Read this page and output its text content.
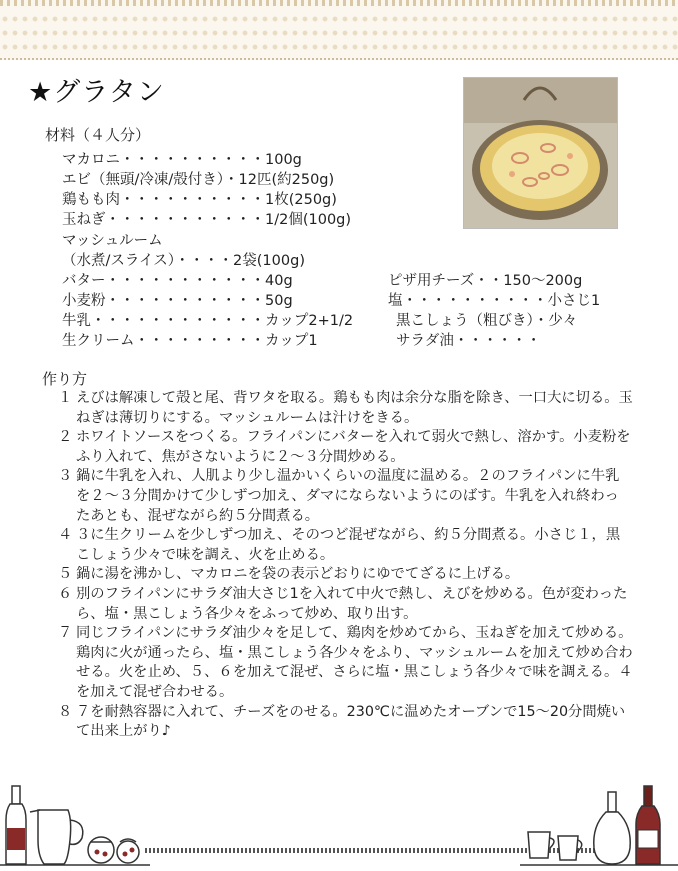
★グラタン
材料（４人分）
マカロニ・・・・・・・・・・100g
エビ（無頭/冷凍/殻付き）・12匹(約250g)
鶏もも肉・・・・・・・・・・1枚(250g)
玉ねぎ・・・・・・・・・・・1/2個(100g)
マッシュルーム
（水煮/スライス）・・・・2袋(100g)
バター・・・・・・・・・・・40g
小麦粉・・・・・・・・・・・50g
牛乳・・・・・・・・・・・・カップ2+1/2
生クリーム・・・・・・・・・カップ1
ピザ用チーズ・・150〜200g
塩・・・・・・・・・・小さじ1
黒こしょう（粗びき）・少々
サラダ油・・・・・・
作り方
１ えびは解凍して殻と尾、背ワタを取る。鶏もも肉は余分な脂を除き、一口大に切る。玉ねぎは薄切りにする。マッシュルームは汁けをきる。
２ ホワイトソースをつくる。フライパンにバターを入れて弱火で熱し、溶かす。小麦粉をふり入れて、焦がさないように２〜３分間炒める。
３ 鍋に牛乳を入れ、人肌より少し温かいくらいの温度に温める。２のフライパンに牛乳を２〜３分間かけて少しずつ加え、ダマにならないようにのばす。牛乳を入れ終わったあとも、混ぜながら約５分間煮る。
４ ３に生クリームを少しずつ加え、そのつど混ぜながら、約５分間煮る。小さじ１，黒こしょう少々で味を調え、火を止める。
５ 鍋に湯を沸かし、マカロニを袋の表示どおりにゆでてざるに上げる。
６ 別のフライパンにサラダ油大さじ1を入れて中火で熱し、えびを炒める。色が変わったら、塩・黒こしょう各少々をふって炒め、取り出す。
７ 同じフライパンにサラダ油少々を足して、鶏肉を炒めてから、玉ねぎを加えて炒める。鶏肉に火が通ったら、塩・黒こしょう各少々をふり、マッシュルームを加えて炒め合わせる。火を止め、５、６を加えて混ぜ、さらに塩・黒こしょう各少々で味を調える。４を加えて混ぜ合わせる。
８ ７を耐熱容器に入れて、チーズをのせる。230℃に温めたオーブンで15〜20分間焼いて出来上がり♪
